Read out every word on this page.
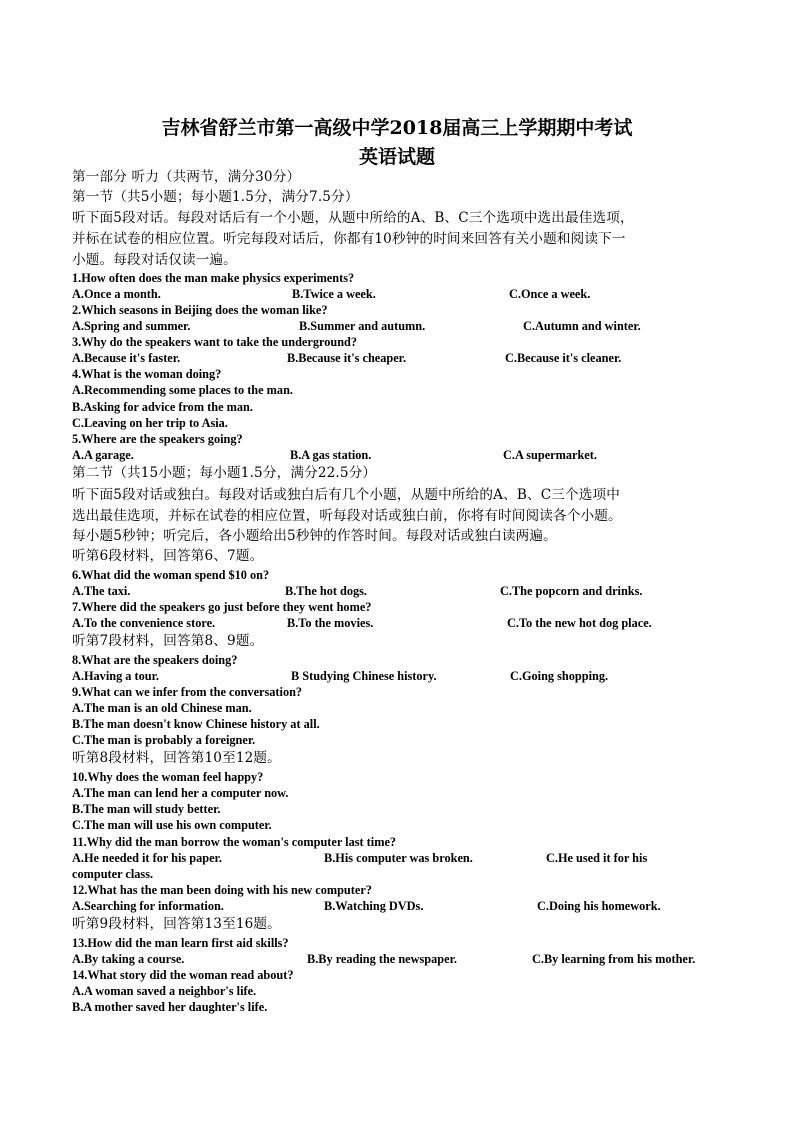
吉林省舒兰市第一高级中学2018届高三上学期期中考试
英语试题
第一部分 听力（共两节，满分30分）
第一节（共5小题；每小题1.5分，满分7.5分）
听下面5段对话。每段对话后有一个小题，从题中所给的A、B、C三个选项中选出最佳选项，
并标在试卷的相应位置。听完每段对话后，你都有10秒钟的时间来回答有关小题和阅读下一
小题。每段对话仅读一遍。
1.How often does the man make physics experiments?
A.Once a month.	B.Twice a week.	C.Once a week.
2.Which seasons in Beijing does the woman like?
A.Spring and summer.	B.Summer and autumn.	C.Autumn and winter.
3.Why do the speakers want to take the underground?
A.Because it's faster.	B.Because it's cheaper.	C.Because it's cleaner.
4.What is the woman doing?
A.Recommending some places to the man.
B.Asking for advice from the man.
C.Leaving on her trip to Asia.
5.Where are the speakers going?
A.A garage.	B.A gas station.	C.A supermarket.
第二节（共15小题；每小题1.5分，满分22.5分）
听下面5段对话或独白。每段对话或独白后有几个小题，从题中所给的A、B、C三个选项中
选出最佳选项，并标在试卷的相应位置，听每段对话或独白前，你将有时间阅读各个小题。
每小题5秒钟；听完后，各小题给出5秒钟的作答时间。每段对话或独白读两遍。
听第6段材料，回答第6、7题。
6.What did the woman spend $10 on?
A.The taxi.	B.The hot dogs.	C.The popcorn and drinks.
7.Where did the speakers go just before they went home?
A.To the convenience store.	B.To the movies.	C.To the new hot dog place.
听第7段材料，回答第8、9题。
8.What are the speakers doing?
A.Having a tour.	B Studying Chinese history.	C.Going shopping.
9.What can we infer from the conversation?
A.The man is an old Chinese man.
B.The man doesn't know Chinese history at all.
C.The man is probably a foreigner.
听第8段材料，回答第10至12题。
10.Why does the woman feel happy?
A.The man can lend her a computer now.
B.The man will study better.
C.The man will use his own computer.
11.Why did the man borrow the woman's computer last time?
A.He needed it for his paper.	B.His computer was broken.	C.He used it for his
computer class.
12.What has the man been doing with his new computer?
A.Searching for information.	B.Watching DVDs.	C.Doing his homework.
听第9段材料，回答第13至16题。
13.How did the man learn first aid skills?
A.By taking a course.	B.By reading the newspaper.	C.By learning from his mother.
14.What story did the woman read about?
A.A woman saved a neighbor's life.
B.A mother saved her daughter's life.
